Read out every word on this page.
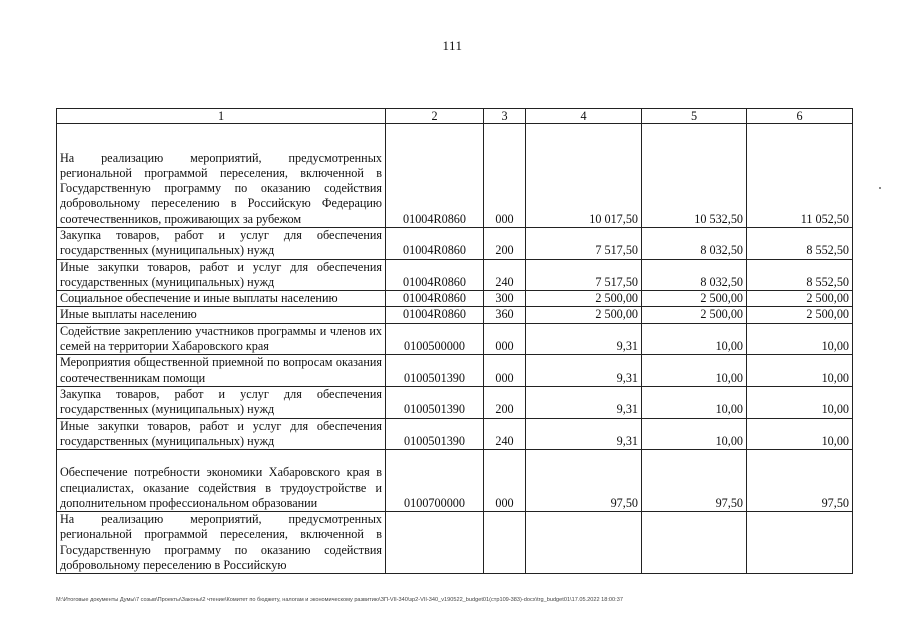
111
1	2	3	4	5	6
На реализацию мероприятий, предусмотренных региональной программой переселения, включенной в Государственную программу по оказанию содействия добровольному переселению в Российскую Федерацию соотечественников, проживающих за рубежом	01004R0860	000	10 017,50	10 532,50	11 052,50
Закупка товаров, работ и услуг для обеспечения государственных (муниципальных) нужд	01004R0860	200	7 517,50	8 032,50	8 552,50
Иные закупки товаров, работ и услуг для обеспечения государственных (муниципальных) нужд	01004R0860	240	7 517,50	8 032,50	8 552,50
Социальное обеспечение и иные выплаты населению	01004R0860	300	2 500,00	2 500,00	2 500,00
Иные выплаты населению	01004R0860	360	2 500,00	2 500,00	2 500,00
Содействие закреплению участников программы и членов их семей на территории Хабаровского края	0100500000	000	9,31	10,00	10,00
Мероприятия общественной приемной по вопросам оказания соотечественникам помощи	0100501390	000	9,31	10,00	10,00
Закупка товаров, работ и услуг для обеспечения государственных (муниципальных) нужд	0100501390	200	9,31	10,00	10,00
Иные закупки товаров, работ и услуг для обеспечения государственных (муниципальных) нужд	0100501390	240	9,31	10,00	10,00
Обеспечение потребности экономики Хабаровского края в специалистах, оказание содействия в трудоустройстве и дополнительном профессиональном образовании	0100700000	000	97,50	97,50	97,50
На реализацию мероприятий, предусмотренных региональной программой переселения, включенной в Государственную программу по оказанию содействия добровольному переселению в Российскую					
M:\Итоговые документы Думы\7 созыв\Проекты\Законы\2 чтение\Комитет по бюджету, налогам и экономическому развитию\ЗП-VII-340\зр2-VII-340_v190522_budget01(стр109-383)-docx\trg_budget01\17.05.2022 18:00:37
